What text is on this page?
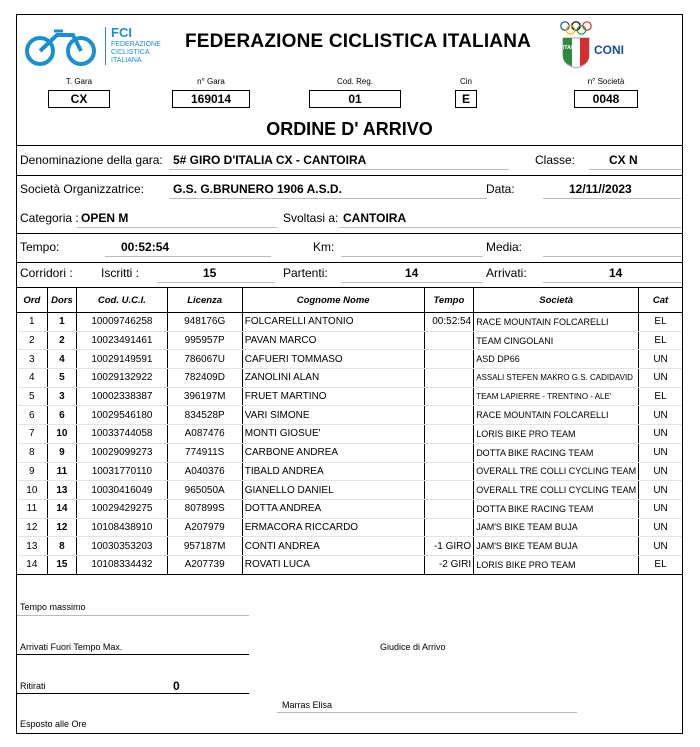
FCI
FEDERAZIONE
CICLISTICA
ITALIANA
FEDERAZIONE CICLISTICA ITALIANA	ITALIA CONI
T. Gara
CX
n° Gara
169014
Cod. Reg.
01
Cin
E
n° Società
0048
ORDINE D' ARRIVO
Denominazione della gara: 5# GIRO D'ITALIA CX - CANTOIRA	Classe:	CX N
Società Organizzatrice: G.S. G.BRUNERO 1906 A.S.D.	Data:	12/11//2023
Categoria : OPEN M	Svoltasi a: CANTOIRA
Tempo:	00:52:54	Km:	Media:
Corridori : Iscritti :	15	Partenti:	14	Arrivati:	14
Ord	Dors	Cod. U.C.I.	Licenza	Cognome Nome	Tempo	Società	Cat
1	1	10009746258	948176G	FOLCARELLI ANTONIO	00:52:54	RACE MOUNTAIN FOLCARELLI	EL
2	2	10023491461	995957P	PAVAN MARCO		TEAM CINGOLANI	EL
3	4	10029149591	786067U	CAFUERI TOMMASO		ASD DP66	UN
4	5	10029132922	782409D	ZANOLINI ALAN		ASSALI STEFEN MAKRO G.S. CADIDAVID	UN
5	3	10002338387	396197M	FRUET MARTINO		TEAM LAPIERRE - TRENTINO - ALE'	EL
6	6	10029546180	834528P	VARI SIMONE		RACE MOUNTAIN FOLCARELLI	UN
7	10	10033744058	A087476	MONTI GIOSUE'		LORIS BIKE PRO TEAM	UN
8	9	10029099273	774911S	CARBONE ANDREA		DOTTA BIKE RACING TEAM	UN
9	11	10031770110	A040376	TIBALD ANDREA		OVERALL TRE COLLI CYCLING TEAM	UN
10	13	10030416049	965050A	GIANELLO DANIEL		OVERALL TRE COLLI CYCLING TEAM	UN
11	14	10029429275	807899S	DOTTA ANDREA		DOTTA BIKE RACING TEAM	UN
12	12	10108438910	A207979	ERMACORA RICCARDO		JAM'S BIKE TEAM BUJA	UN
13	8	10030353203	957187M	CONTI ANDREA	-1 GIRO	JAM'S BIKE TEAM BUJA	UN
14	15	10108334432	A207739	ROVATI LUCA	-2 GIRI	LORIS BIKE PRO TEAM	EL
Tempo massimo
Arrivati Fuori Tempo Max.	Giudice di Arrivo
Ritirati	0
Marras Elisa
Esposto alle Ore
